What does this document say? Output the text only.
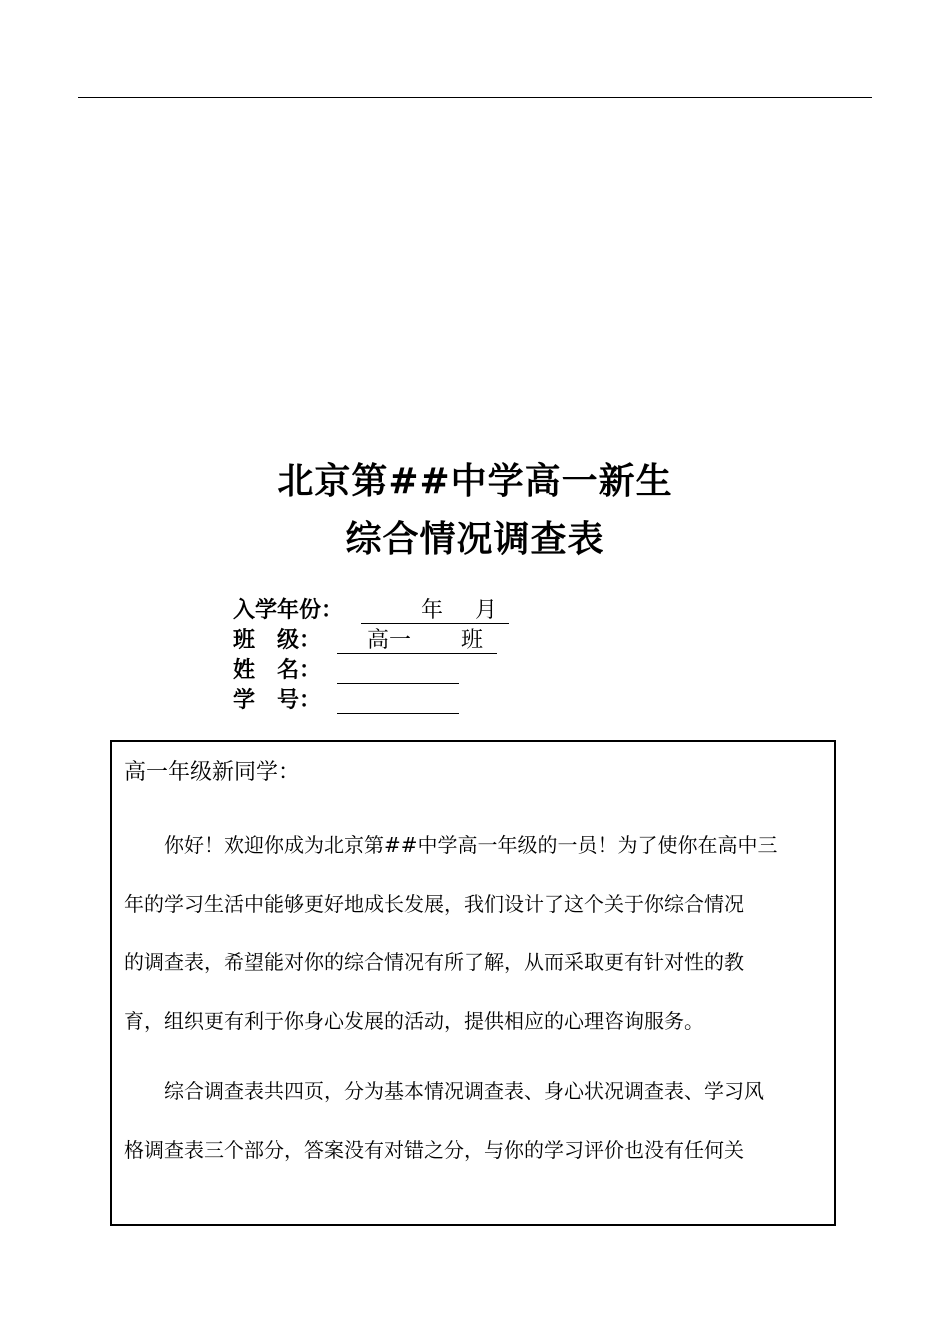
北京第##中学高一新生
综合情况调查表
入学年份：	年 月
班　级： 高一 班
姓　名：
学　号：
高一年级新同学：
你好！欢迎你成为北京第##中学高一年级的一员！为了使你在高中三
年的学习生活中能够更好地成长发展，我们设计了这个关于你综合情况
的调查表，希望能对你的综合情况有所了解，从而采取更有针对性的教
育，组织更有利于你身心发展的活动，提供相应的心理咨询服务。
综合调查表共四页，分为基本情况调查表、身心状况调查表、学习风
格调查表三个部分，答案没有对错之分，与你的学习评价也没有任何关
